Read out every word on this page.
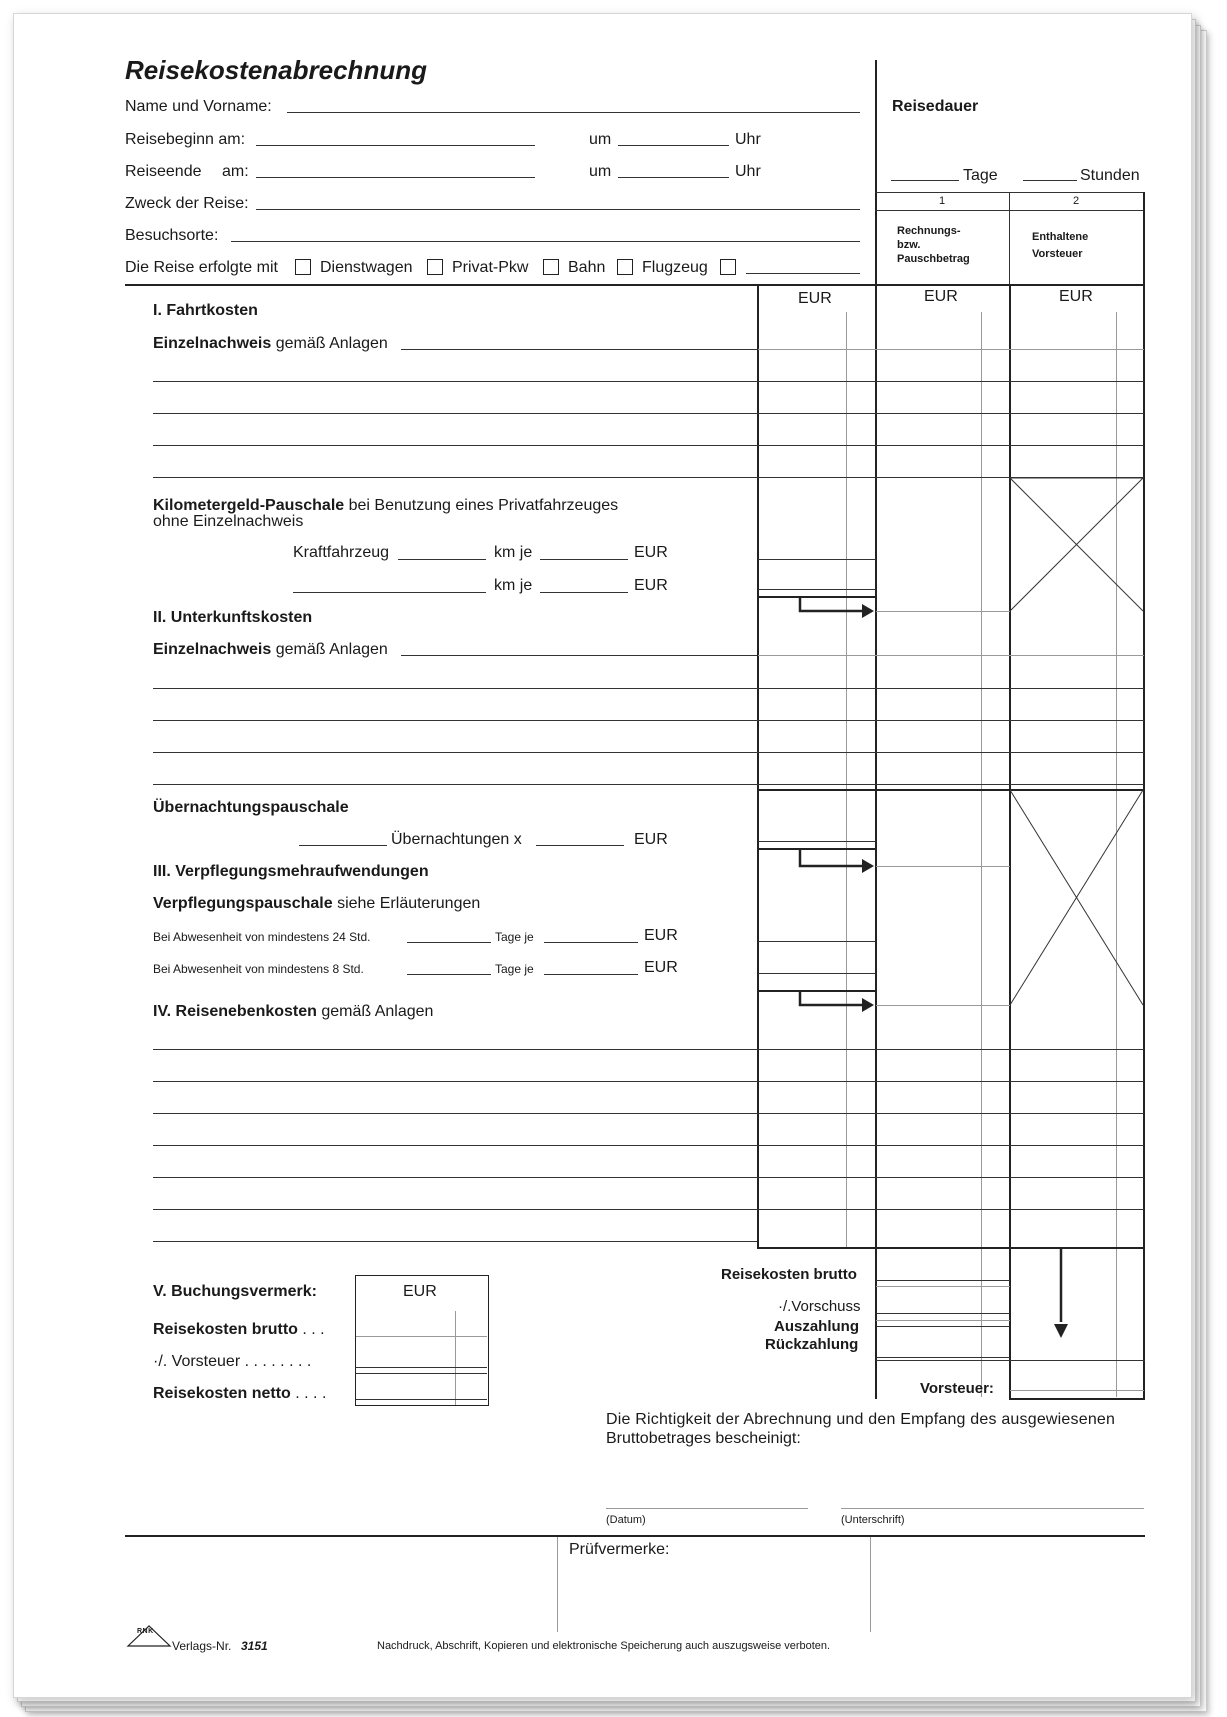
Reisekostenabrechnung
Name und Vorname:
Reisebeginn am:	um	Uhr
Reiseende am:	um	Uhr
Zweck der Reise:
Besuchsorte:
Die Reise erfolgte mit	Dienstwagen Privat-Pkw Bahn Flugzeug
Reisedauer
Tage	Stunden
1	2
Rechnungs-
bzw.
Pauschbetrag
Enthaltene
Vorsteuer
EUR	EUR	EUR
I. Fahrtkosten
Einzelnachweis gemäß Anlagen
Kilometergeld-Pauschale bei Benutzung eines Privatfahrzeuges
ohne Einzelnachweis
Kraftfahrzeug	km je	EUR
km je	EUR
II. Unterkunftskosten
Einzelnachweis gemäß Anlagen
Übernachtungspauschale
Übernachtungen x	EUR
III. Verpflegungsmehraufwendungen
Verpflegungspauschale siehe Erläuterungen
Bei Abwesenheit von mindestens 24 Std.	Tage je	EUR
Bei Abwesenheit von mindestens 8 Std.	Tage je	EUR
IV. Reisenebenkosten gemäß Anlagen
Reisekosten brutto
·/.Vorschuss
Auszahlung
Rückzahlung
Vorsteuer:
V. Buchungsvermerk:	EUR
Reisekosten brutto . . .
·/. Vorsteuer . . . . . . . .
Reisekosten netto . . . .
Die Richtigkeit der Abrechnung und den Empfang des ausgewiesenen
Bruttobetrages bescheinigt:
(Datum)	(Unterschrift)
Prüfvermerke:
RNK
Verlags-Nr. 3151	Nachdruck, Abschrift, Kopieren und elektronische Speicherung auch auszugsweise verboten.
